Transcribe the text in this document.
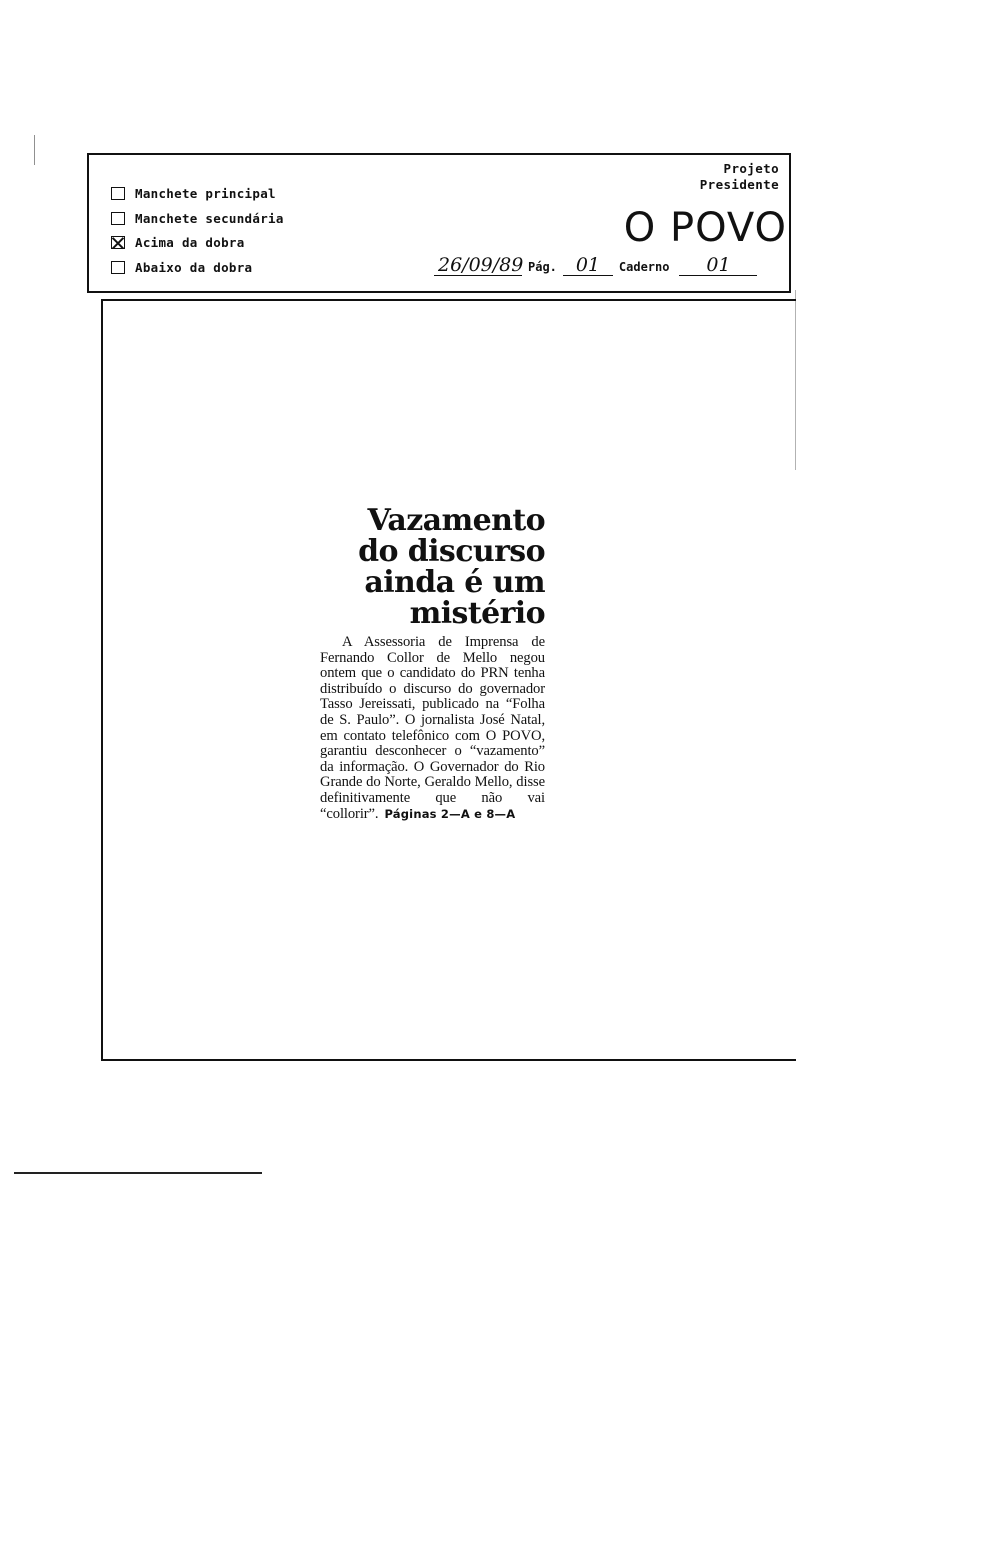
Manchete principal
Manchete secundária
Acima da dobra
Abaixo da dobra
Projeto
Presidente
O POVO
26/09/89 Pág. 01	Caderno	01
Vazamento do discurso ainda é um mistério

A Assessoria de Imprensa de Fernando Collor de Mello negou ontem que o candidato do PRN tenha distribuído o discurso do governador Tasso Jereissati, publicado na “Folha de S. Paulo”. O jornalista José Natal, em contato telefônico com O POVO, garantiu desconhecer o “vazamento” da informação. O Governador do Rio Grande do Norte, Geraldo Mello, disse definitivamente que não vai “collorir”. Páginas 2—A e 8—A
